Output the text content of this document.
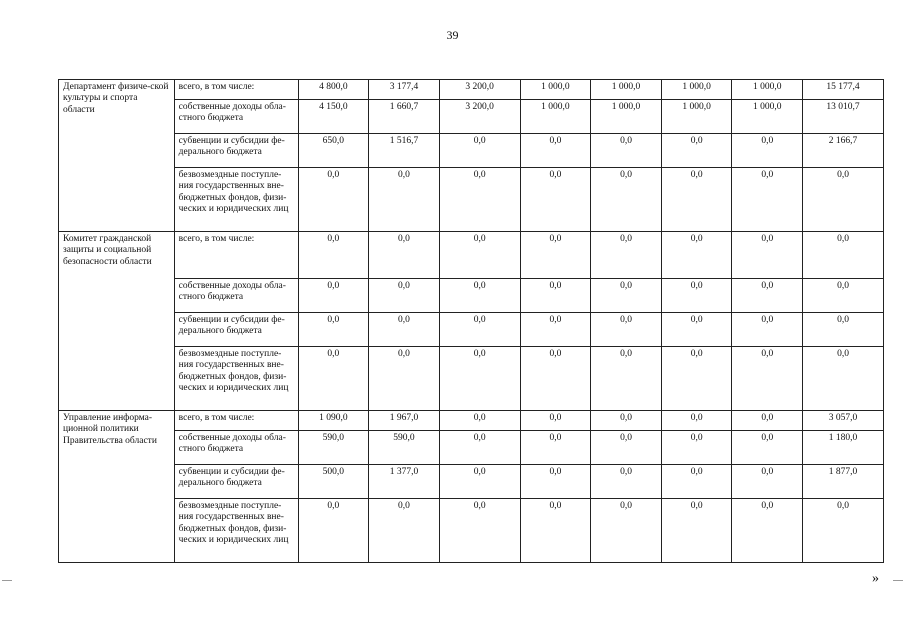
39
Департамент физиче-ской культуры и спорта области	всего, в том числе:	4 800,0	3 177,4	3 200,0	1 000,0	1 000,0	1 000,0	1 000,0	15 177,4
	собственные доходы обла-стного бюджета	4 150,0	1 660,7	3 200,0	1 000,0	1 000,0	1 000,0	1 000,0	13 010,7
	субвенции и субсидии фе-дерального бюджета	650,0	1 516,7	0,0	0,0	0,0	0,0	0,0	2 166,7
	безвозмездные поступле-ния государственных вне-бюджетных фондов, физи-ческих и юридических лиц	0,0	0,0	0,0	0,0	0,0	0,0	0,0	0,0
Комитет гражданской защиты и социальной безопасности области	всего, в том числе:	0,0	0,0	0,0	0,0	0,0	0,0	0,0	0,0
	собственные доходы обла-стного бюджета	0,0	0,0	0,0	0,0	0,0	0,0	0,0	0,0
	субвенции и субсидии фе-дерального бюджета	0,0	0,0	0,0	0,0	0,0	0,0	0,0	0,0
	безвозмездные поступле-ния государственных вне-бюджетных фондов, физи-ческих и юридических лиц	0,0	0,0	0,0	0,0	0,0	0,0	0,0	0,0
Управление информа-ционной политики Правительства области	всего, в том числе:	1 090,0	1 967,0	0,0	0,0	0,0	0,0	0,0	3 057,0
	собственные доходы обла-стного бюджета	590,0	590,0	0,0	0,0	0,0	0,0	0,0	1 180,0
	субвенции и субсидии фе-дерального бюджета	500,0	1 377,0	0,0	0,0	0,0	0,0	0,0	1 877,0
	безвозмездные поступле-ния государственных вне-бюджетных фондов, физи-ческих и юридических лиц	0,0	0,0	0,0	0,0	0,0	0,0	0,0	0,0
»
